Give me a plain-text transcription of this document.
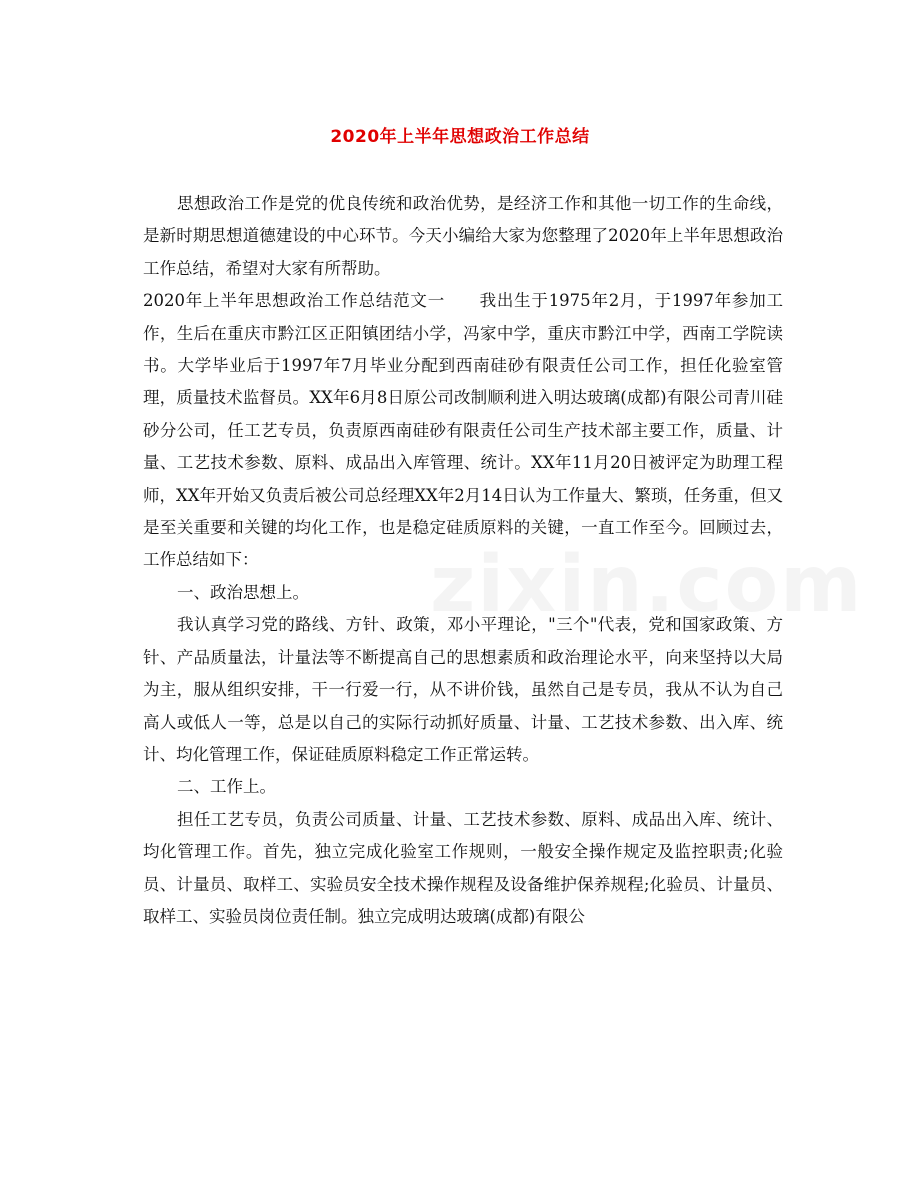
2020年上半年思想政治工作总结

思想政治工作是党的优良传统和政治优势，是经济工作和其他一切工作的生命线，是新时期思想道德建设的中心环节。今天小编给大家为您整理了2020年上半年思想政治工作总结，希望对大家有所帮助。

2020年上半年思想政治工作总结范文一　　我出生于1975年2月，于1997年参加工作，生后在重庆市黔江区正阳镇团结小学，冯家中学，重庆市黔江中学，西南工学院读书。大学毕业后于1997年7月毕业分配到西南硅砂有限责任公司工作，担任化验室管理，质量技术监督员。XX年6月8日原公司改制顺利进入明达玻璃(成都)有限公司青川硅砂分公司，任工艺专员，负责原西南硅砂有限责任公司生产技术部主要工作，质量、计量、工艺技术参数、原料、成品出入库管理、统计。XX年11月20日被评定为助理工程师，XX年开始又负责后被公司总经理XX年2月14日认为工作量大、繁琐，任务重，但又是至关重要和关键的均化工作，也是稳定硅质原料的关键，一直工作至今。回顾过去，工作总结如下：

一、政治思想上。

我认真学习党的路线、方针、政策，邓小平理论，"三个"代表，党和国家政策、方针、产品质量法，计量法等不断提高自己的思想素质和政治理论水平，向来坚持以大局为主，服从组织安排，干一行爱一行，从不讲价钱，虽然自己是专员，我从不认为自己高人或低人一等，总是以自己的实际行动抓好质量、计量、工艺技术参数、出入库、统计、均化管理工作，保证硅质原料稳定工作正常运转。

二、工作上。

担任工艺专员，负责公司质量、计量、工艺技术参数、原料、成品出入库、统计、均化管理工作。首先，独立完成化验室工作规则，一般安全操作规定及监控职责;化验员、计量员、取样工、实验员安全技术操作规程及设备维护保养规程;化验员、计量员、取样工、实验员岗位责任制。独立完成明达玻璃(成都)有限公
